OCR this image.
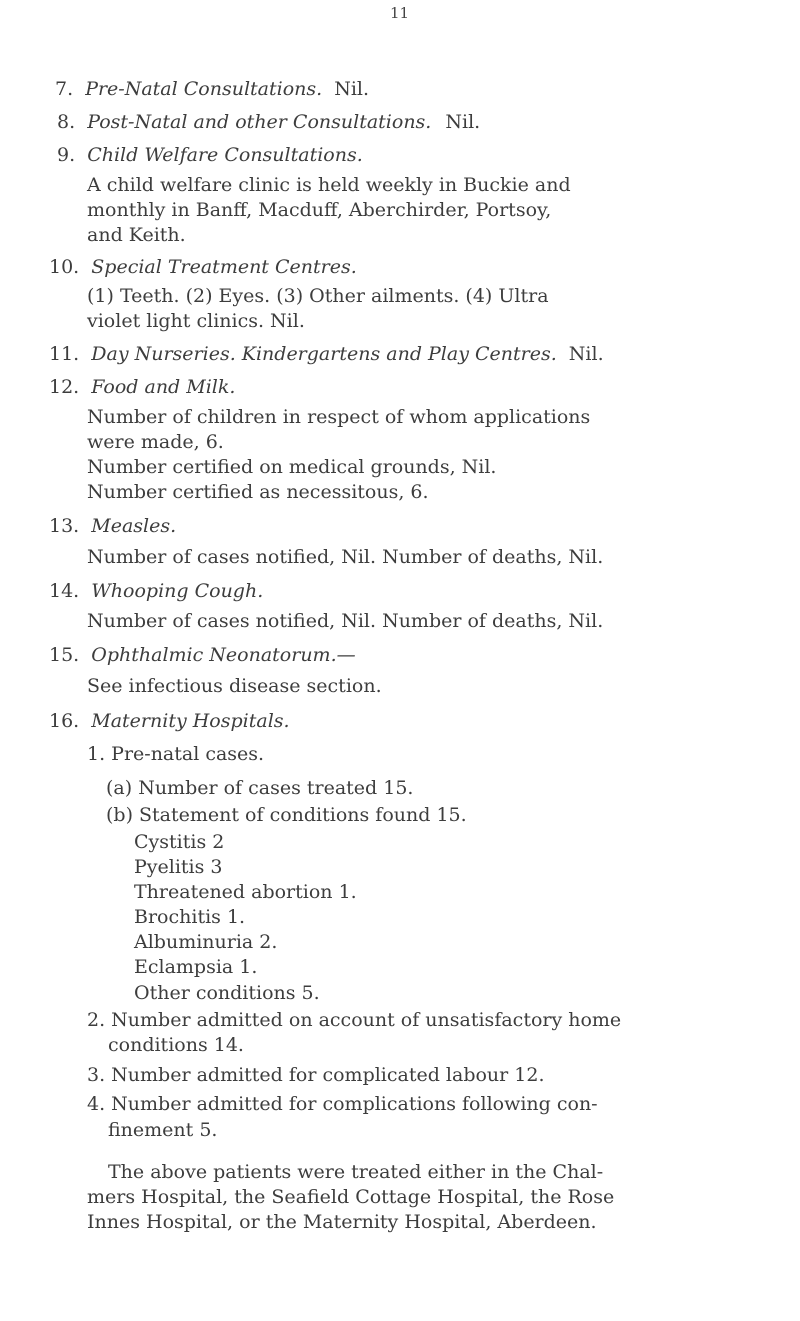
11
7. Pre-Natal Consultations. Nil.
8. Post-Natal and other Consultations. Nil.
9. Child Welfare Consultations.
A child welfare clinic is held weekly in Buckie and
monthly in Banff, Macduff, Aberchirder, Portsoy,
and Keith.
10. Special Treatment Centres.
(1) Teeth. (2) Eyes. (3) Other ailments. (4) Ultra
violet light clinics. Nil.
11. Day Nurseries. Kindergartens and Play Centres. Nil.
12. Food and Milk.
Number of children in respect of whom applications
were made, 6.
Number certified on medical grounds, Nil.
Number certified as necessitous, 6.
13. Measles.
Number of cases notified, Nil. Number of deaths, Nil.
14. Whooping Cough.
Number of cases notified, Nil. Number of deaths, Nil.
15. Ophthalmic Neonatorum.—
See infectious disease section.
16. Maternity Hospitals.
1. Pre-natal cases.
(a) Number of cases treated 15.
(b) Statement of conditions found 15.
Cystitis 2
Pyelitis 3
Threatened abortion 1.
Brochitis 1.
Albuminuria 2.
Eclampsia 1.
Other conditions 5.
2. Number admitted on account of unsatisfactory home
conditions 14.
3. Number admitted for complicated labour 12.
4. Number admitted for complications following con-
finement 5.
The above patients were treated either in the Chal-
mers Hospital, the Seafield Cottage Hospital, the Rose
Innes Hospital, or the Maternity Hospital, Aberdeen.
